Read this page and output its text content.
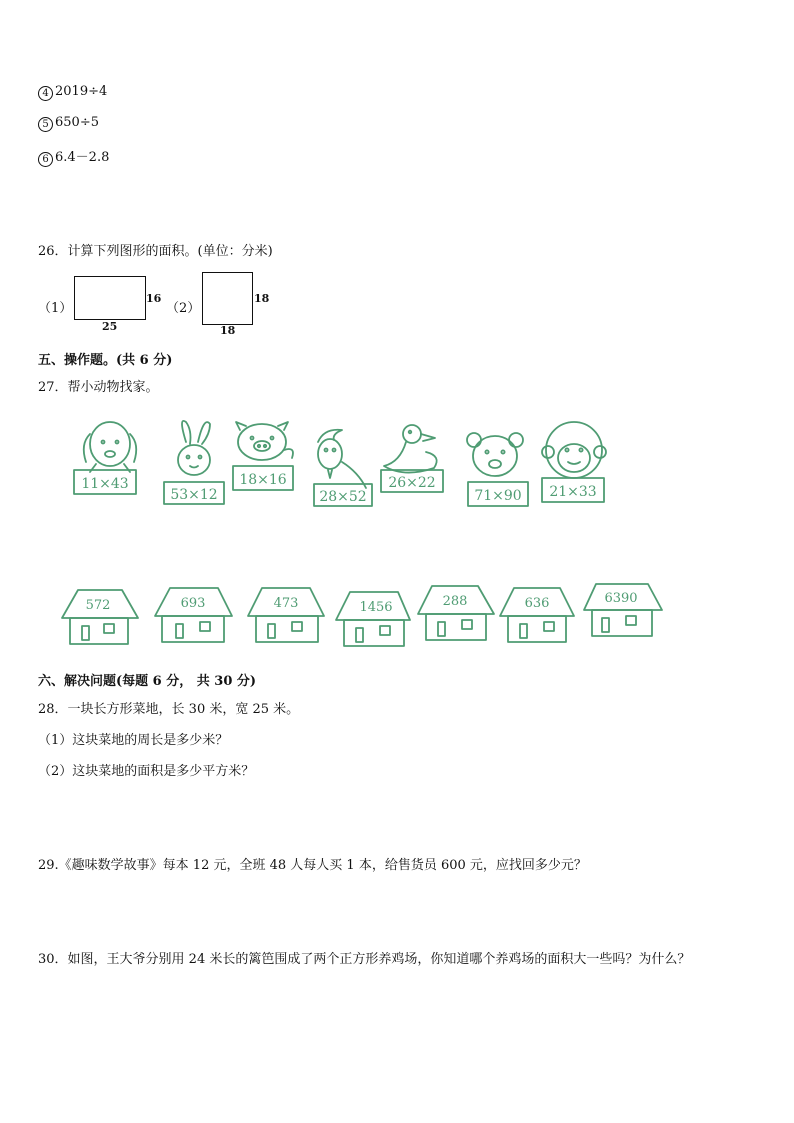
4 2019÷4
5 650÷5
6 6.4－2.8
26．计算下列图形的面积。(单位：分米)
（1）
16
25
（2）
18
18
五、操作题。(共 6 分)
27．帮小动物找家。
11×43
53×12
18×16
28×52
26×22
71×90 21×33
572	693	473	1456	288	636	6390
六、解决问题(每题 6 分， 共 30 分)
28．一块长方形菜地，长 30 米，宽 25 米。
（1）这块菜地的周长是多少米？
（2）这块菜地的面积是多少平方米？
29.《趣味数学故事》每本 12 元，全班 48 人每人买 1 本，给售货员 600 元，应找回多少元？
30．如图，王大爷分别用 24 米长的篱笆围成了两个正方形养鸡场，你知道哪个养鸡场的面积大一些吗？为什么？
